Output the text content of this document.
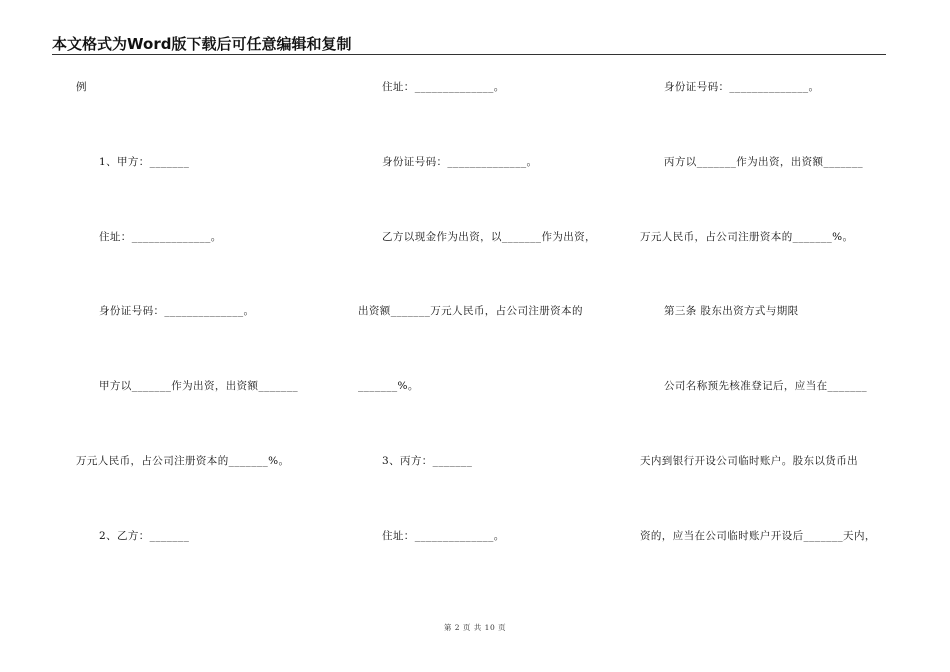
本文格式为Word版下载后可任意编辑和复制
例
1、甲方：_______
住址：______________。
身份证号码：______________。
甲方以_______作为出资，出资额_______
万元人民币，占公司注册资本的_______%。
2、乙方：_______
住址：______________。
身份证号码：______________。
乙方以现金作为出资，以_______作为出资，
出资额_______万元人民币，占公司注册资本的
_______%。
3、丙方：_______
住址：______________。
身份证号码：______________。
丙方以_______作为出资，出资额_______
万元人民币，占公司注册资本的_______%。
第三条 股东出资方式与期限
公司名称预先核准登记后，应当在_______
天内到银行开设公司临时账户。股东以货币出
资的，应当在公司临时账户开设后_______天内，
第 2 页 共 10 页
